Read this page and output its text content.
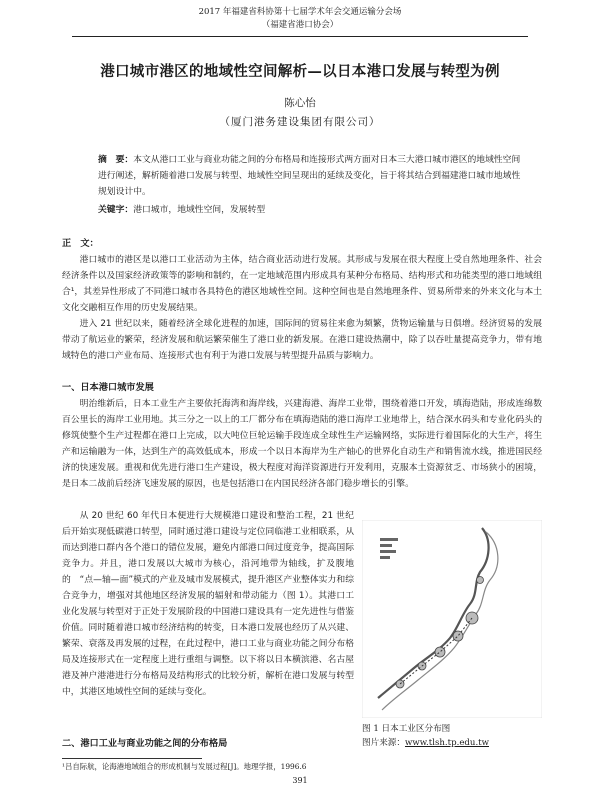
2017 年福建省科协第十七届学术年会交通运输分会场
（福建省港口协会）
港口城市港区的地域性空间解析—以日本港口发展与转型为例
陈心怡
（厦门港务建设集团有限公司）
摘　要：本文从港口工业与商业功能之间的分布格局和连接形式两方面对日本三大港口城市港区的地域性空间进行阐述，解析随着港口发展与转型、地域性空间呈现出的延续及变化，旨于将其结合到福建港口城市地域性规划设计中。
关键字：港口城市，地域性空间，发展转型
正　文：

港口城市的港区是以港口工业活动为主体，结合商业活动进行发展。其形成与发展在很大程度上受自然地理条件、社会经济条件以及国家经济政策等的影响和制约，在一定地域范围内形成具有某种分布格局、结构形式和功能类型的港口地域组合¹，其差异性形成了不同港口城市各具特色的港区地域性空间。这种空间也是自然地理条件、贸易所带来的外来文化与本土文化交融相互作用的历史发展结果。

进入 21 世纪以来，随着经济全球化进程的加速，国际间的贸易往来愈为频繁，货物运输量与日俱增。经济贸易的发展带动了航运业的繁荣，经济发展和航运繁荣催生了港口业的新发展。在港口建设热潮中，除了以吞吐量提高竞争力，带有地域特色的港口产业布局、连接形式也有利于为港口发展与转型提升品质与影响力。

一、日本港口城市发展

明治维新后，日本工业生产主要依托海湾和海岸线，兴建海港、海岸工业带，围绕着港口开发，填海造陆，形成连绵数百公里长的海岸工业用地。其三分之一以上的工厂都分布在填海造陆的港口海岸工业地带上，结合深水码头和专业化码头的修筑使整个生产过程都在港口上完成，以大吨位巨轮运输手段连成全球性生产运输网络，实际进行着国际化的大生产，将生产和运输融为一体，达到生产的高效低成本，形成一个以日本海岸为生产轴心的世界化自动生产和销售流水线，推进国民经济的快速发展。重视和优先进行港口生产建设，极大程度对海洋资源进行开发利用，克服本土资源贫乏、市场狭小的困境，是日本二战前后经济飞速发展的原因，也是包括港口在内国民经济各部门稳步增长的引擎。

从 20 世纪 60 年代日本便进行大规模港口建设和整治工程，21 世纪后开始实现低碳港口转型，同时通过港口建设与定位同临港工业相联系，从而达到港口群内各个港口的错位发展，避免内部港口间过度竞争，提高国际竞争力。并且，港口发展以大城市为核心，沿河地带为轴线，扩及腹地的　“点—轴—面”模式的产业及城市发展模式，提升港区产业整体实力和综合竞争力，增强对其他地区经济发展的辐射和带动能力（图 1）。其港口工业化发展与转型对于正处于发展阶段的中国港口建设具有一定先进性与借鉴价值。同时随着港口城市经济结构的转变，日本港口发展也经历了从兴建、繁荣、衰落及再发展的过程，在此过程中，港口工业与商业功能之间分布格局及连接形式在一定程度上进行重组与调整。以下将以日本横滨港、名古屋港及神户港港进行分布格局及结构形式的比较分析，解析在港口发展与转型中，其港区地域性空间的延续与变化。

二、港口工业与商业功能之间的分布格局
图 1 日本工业区分布图
图片来源：www.tlsh.tp.edu.tw
¹吕自际航，论海港地域组合的形成机制与发展过程[J]。地理学报，1996.6
391
